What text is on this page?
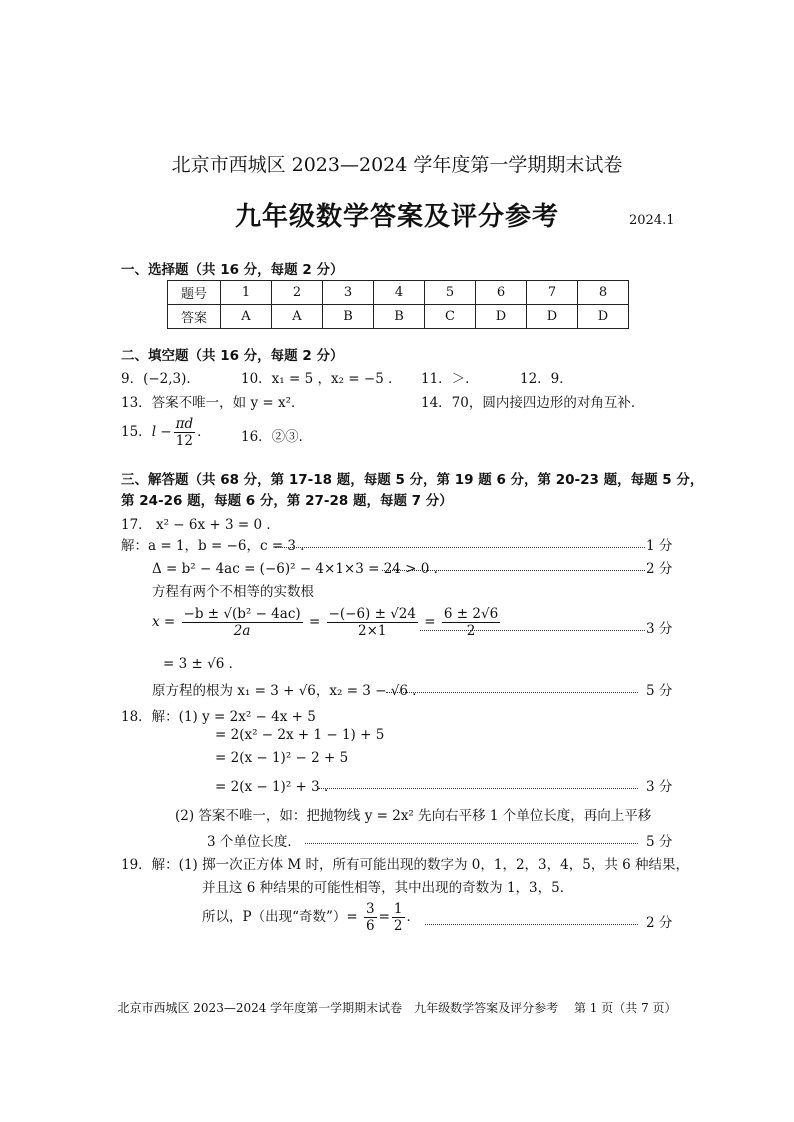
北京市西城区 2023—2024 学年度第一学期期末试卷
九年级数学答案及评分参考	2024.1
一、选择题（共 16 分，每题 2 分）
题号	1	2	3	4	5	6	7	8
答案	A	A	B	B	C	D	D	D
二、填空题（共 16 分，每题 2 分）
9．(−2,3)．	10．x₁ = 5 ，x₂ = −5 ． 11．＞．	12．9．
13．答案不唯一，如 y = x²．	14．70，圆内接四边形的对角互补．
15．$l - \frac{\pi d}{12}$ ． 16．②③．
三、解答题（共 68 分，第 17-18 题，每题 5 分，第 19 题 6 分，第 20-23 题，每题 5 分，
第 24-26 题，每题 6 分，第 27-28 题，每题 7 分）
17． x² − 6x + 3 = 0 ．
解：a = 1，b = −6，c = 3 ．	1 分
Δ = b² − 4ac = (−6)² − 4×1×3 = 24 > 0 ．	2 分
方程有两个不相等的实数根
$x = \frac{\text{−b ± √(b² − 4ac)}}{2a} = \frac{-(-6) \pm √24}{2\times 1} = \frac{6 \pm 2√6}{2}$	3 分
= 3 ± √6 ．
原方程的根为 x₁ = 3 + √6，x₂ = 3 − √6 ．	5 分
18．解：(1) y = 2x² − 4x + 5
= 2(x² − 2x + 1 − 1) + 5
= 2(x − 1)² − 2 + 5
= 2(x − 1)² + 3 ．	3 分
(2) 答案不唯一，如：把抛物线 y = 2x² 先向右平移 1 个单位长度，再向上平移
3 个单位长度．	5 分
19．解：(1) 掷一次正方体 M 时，所有可能出现的数字为 0，1，2，3，4，5，共 6 种结果，
并且这 6 种结果的可能性相等，其中出现的奇数为 1，3，5．
所以，P（出现“奇数”）= $\frac{3}{6} = \frac{1}{2}$ ．	2 分
北京市西城区 2023—2024 学年度第一学期期末试卷　九年级数学答案及评分参考　 第 1 页（共 7 页）
